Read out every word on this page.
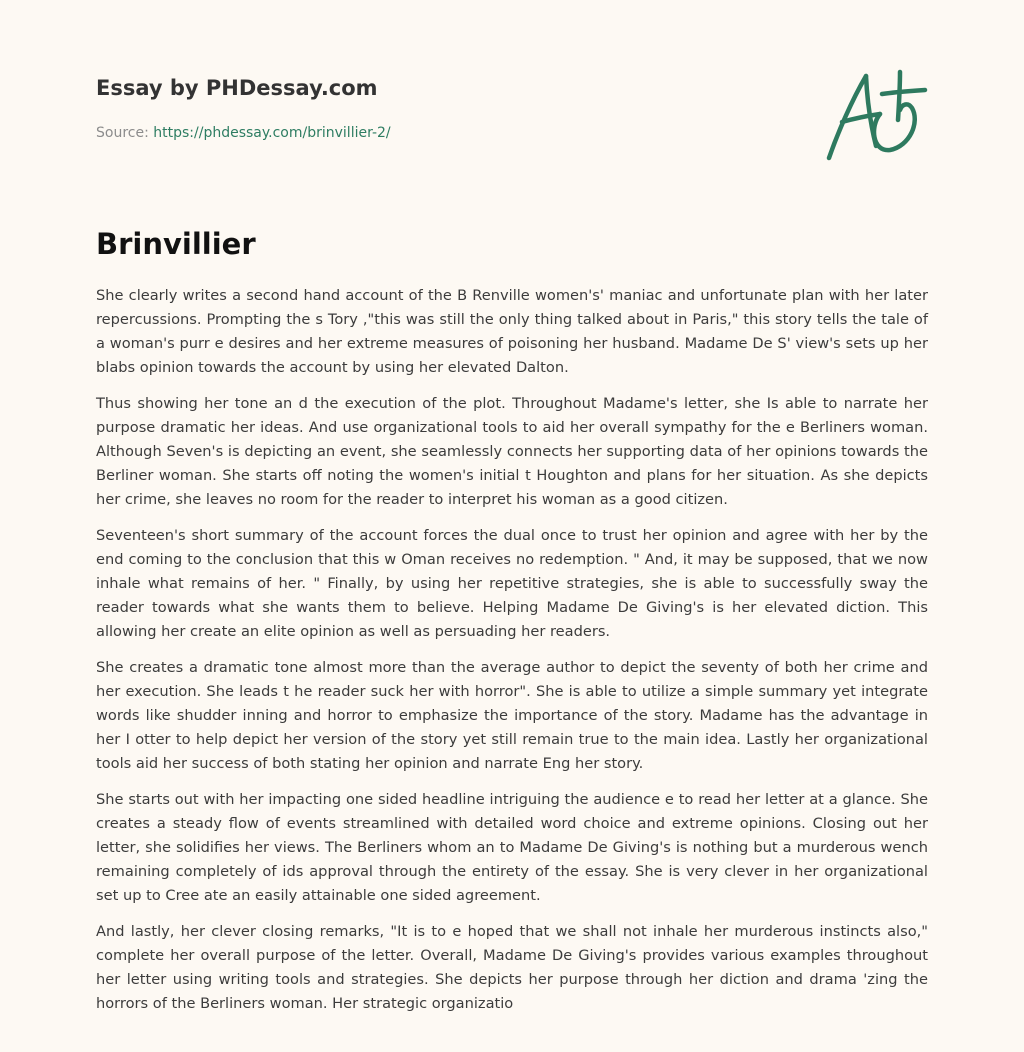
Essay by PHDessay.com
Source: https://phdessay.com/brinvillier-2/
Brinvillier

She clearly writes a second hand account of the B Renville women's' maniac and unfortunate plan with her later repercussions. Prompting the s Tory ,"this was still the only thing talked about in Paris," this story tells the tale of a woman's purr e desires and her extreme measures of poisoning her husband. Madame De S' view's sets up her blabs opinion towards the account by using her elevated Dalton.

Thus showing her tone an d the execution of the plot. Throughout Madame's letter, she Is able to narrate her purpose dramatic her ideas. And use organizational tools to aid her overall sympathy for the e Berliners woman. Although Seven's is depicting an event, she seamlessly connects her supporting data of her opinions towards the Berliner woman. She starts off noting the women's initial t Houghton and plans for her situation. As she depicts her crime, she leaves no room for the reader to interpret his woman as a good citizen.

Seventeen's short summary of the account forces the dual once to trust her opinion and agree with her by the end coming to the conclusion that this w Oman receives no redemption. " And, it may be supposed, that we now inhale what remains of her. " Finally, by using her repetitive strategies, she is able to successfully sway the reader towards what she wants them to believe. Helping Madame De Giving's is her elevated diction. This allowing her create an elite opinion as well as persuading her readers.

She creates a dramatic tone almost more than the average author to depict the seventy of both her crime and her execution. She leads t he reader suck her with horror". She is able to utilize a simple summary yet integrate words like shudder inning and horror to emphasize the importance of the story. Madame has the advantage in her I otter to help depict her version of the story yet still remain true to the main idea. Lastly her organizational tools aid her success of both stating her opinion and narrate Eng her story.

She starts out with her impacting one sided headline intriguing the audience e to read her letter at a glance. She creates a steady flow of events streamlined with detailed word choice and extreme opinions. Closing out her letter, she solidifies her views. The Berliners whom an to Madame De Giving's is nothing but a murderous wench remaining completely of ids approval through the entirety of the essay. She is very clever in her organizational set up to Cree ate an easily attainable one sided agreement.

And lastly, her clever closing remarks, "It is to e hoped that we shall not inhale her murderous instincts also," complete her overall purpose of the letter. Overall, Madame De Giving's provides various examples throughout her letter using writing tools and strategies. She depicts her purpose through her diction and drama 'zing the horrors of the Berliners woman. Her strategic organizatio
